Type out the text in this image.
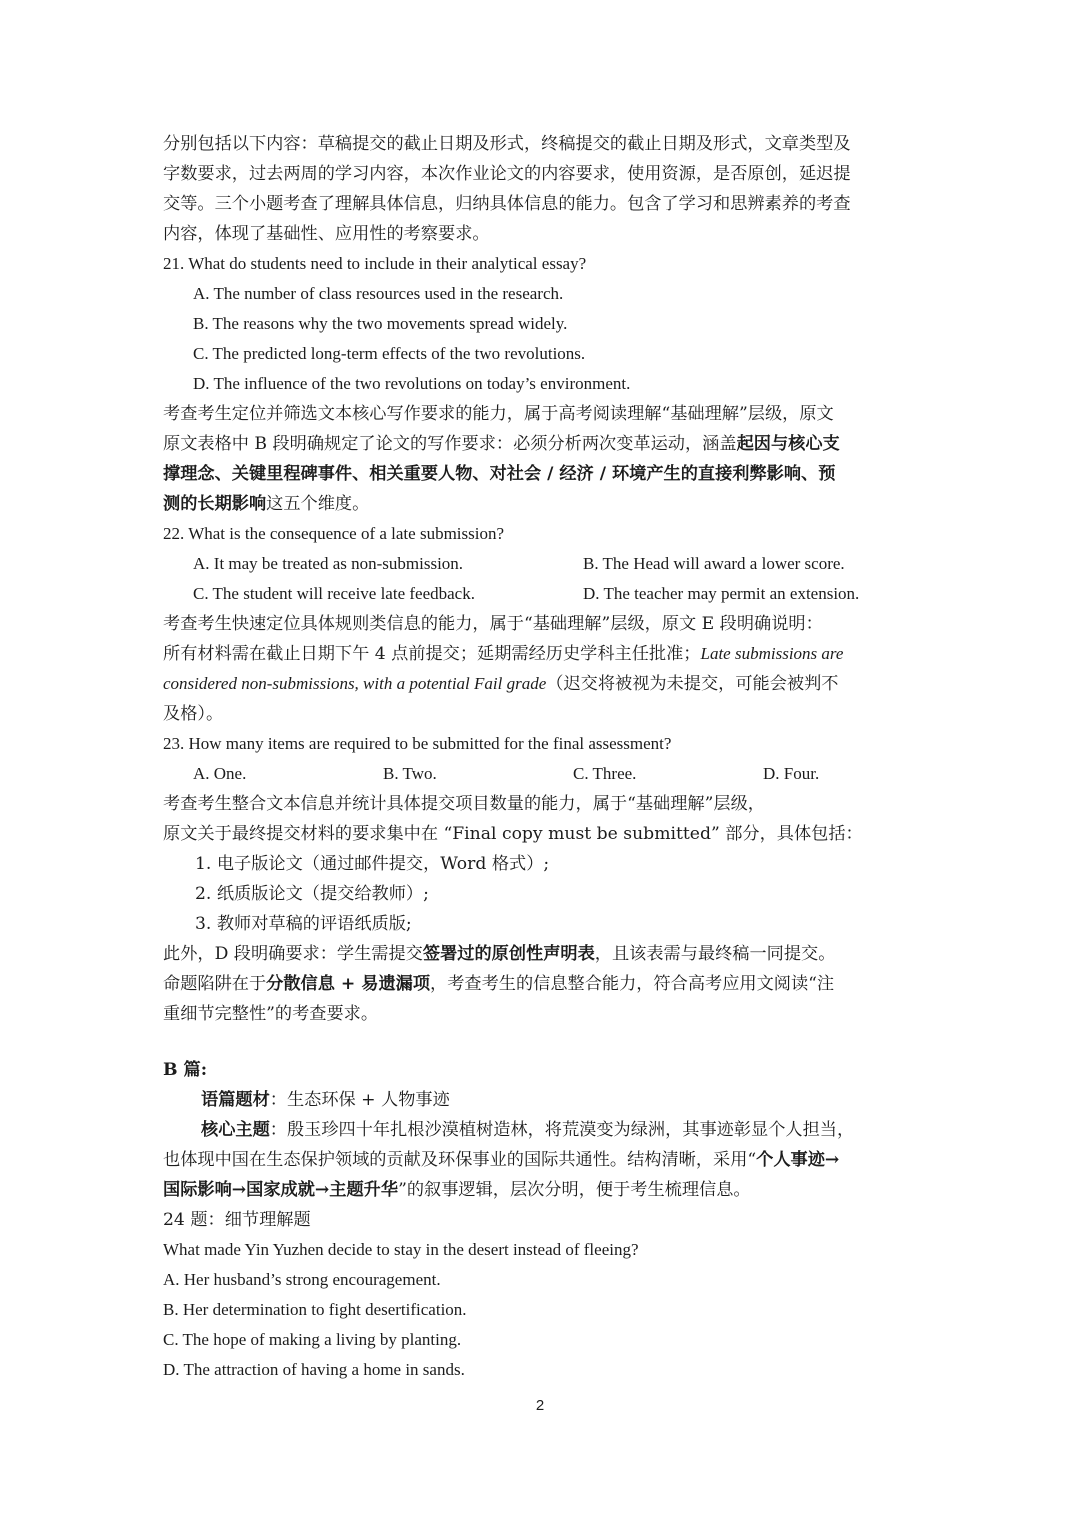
分别包括以下内容：草稿提交的截止日期及形式，终稿提交的截止日期及形式，文章类型及
字数要求，过去两周的学习内容，本次作业论文的内容要求，使用资源，是否原创，延迟提
交等。三个小题考查了理解具体信息，归纳具体信息的能力。包含了学习和思辨素养的考查
内容，体现了基础性、应用性的考察要求。
21. What do students need to include in their analytical essay?
A. The number of class resources used in the research.
B. The reasons why the two movements spread widely.
C. The predicted long-term effects of the two revolutions.
D. The influence of the two revolutions on today’s environment.
考查考生定位并筛选文本核心写作要求的能力，属于高考阅读理解“基础理解”层级，原文
原文表格中 B 段明确规定了论文的写作要求：必须分析两次变革运动，涵盖起因与核心支
撑理念、关键里程碑事件、相关重要人物、对社会 / 经济 / 环境产生的直接利弊影响、预
测的长期影响这五个维度。
22. What is the consequence of a late submission?
A. It may be treated as non-submission.	B. The Head will award a lower score.
C. The student will receive late feedback.	D. The teacher may permit an extension.
考查考生快速定位具体规则类信息的能力，属于“基础理解”层级，原文 E 段明确说明：
所有材料需在截止日期下午 4 点前提交；延期需经历史学科主任批准；Late submissions are
considered non-submissions, with a potential Fail grade（迟交将被视为未提交，可能会被判不
及格）。
23. How many items are required to be submitted for the final assessment?
A. One.	B. Two.	C. Three.	D. Four.
考查考生整合文本信息并统计具体提交项目数量的能力，属于“基础理解”层级，
原文关于最终提交材料的要求集中在 “Final copy must be submitted” 部分，具体包括：
1. 电子版论文（通过邮件提交，Word 格式）;
2. 纸质版论文（提交给教师）;
3. 教师对草稿的评语纸质版;
此外，D 段明确要求：学生需提交签署过的原创性声明表，且该表需与最终稿一同提交。
命题陷阱在于分散信息 + 易遗漏项，考查考生的信息整合能力，符合高考应用文阅读“注
重细节完整性”的考查要求。
B 篇:
语篇题材：生态环保 + 人物事迹
核心主题：殷玉珍四十年扎根沙漠植树造林，将荒漠变为绿洲，其事迹彰显个人担当，
也体现中国在生态保护领域的贡献及环保事业的国际共通性。结构清晰，采用“个人事迹→
国际影响→国家成就→主题升华”的叙事逻辑，层次分明，便于考生梳理信息。
24 题：细节理解题
What made Yin Yuzhen decide to stay in the desert instead of fleeing?
A. Her husband’s strong encouragement.
B. Her determination to fight desertification.
C. The hope of making a living by planting.
D. The attraction of having a home in sands.
2
